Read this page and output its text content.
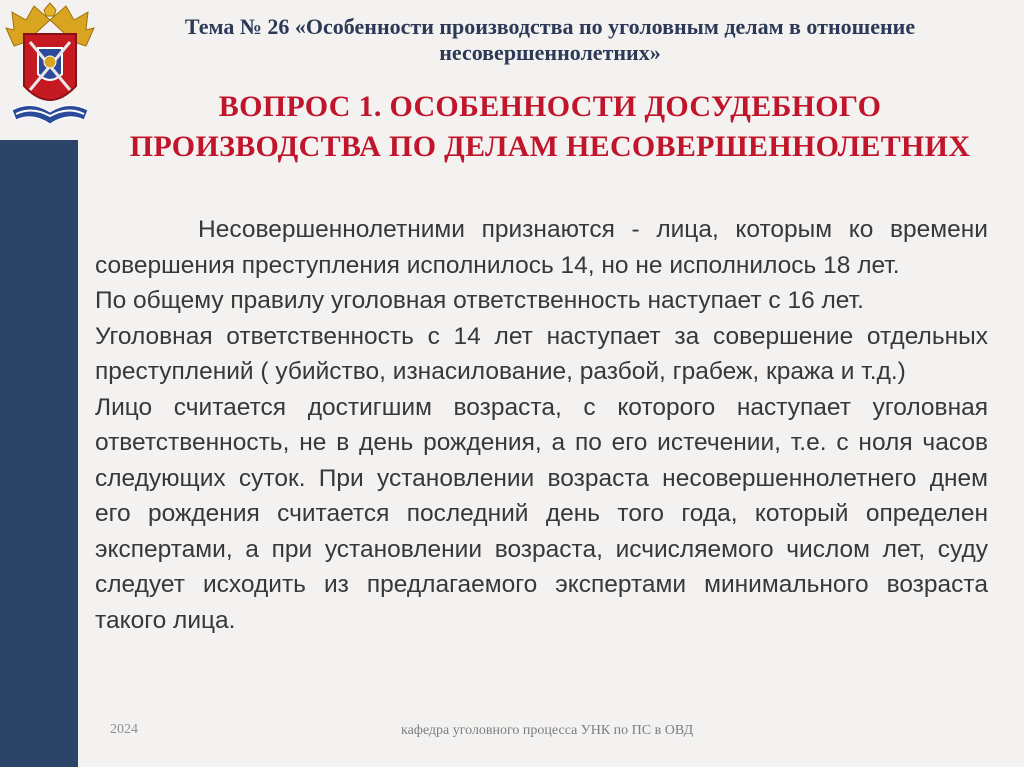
Тема № 26 «Особенности производства по уголовным делам в отношение несовершеннолетних»
ВОПРОС 1. ОСОБЕННОСТИ ДОСУДЕБНОГО ПРОИЗВОДСТВА ПО ДЕЛАМ НЕСОВЕРШЕННОЛЕТНИХ

Несовершеннолетними признаются - лица, которым ко времени совершения преступления исполнилось 14, но не исполнилось 18 лет.

По общему правилу уголовная ответственность наступает с 16 лет.

Уголовная ответственность с 14 лет наступает за совершение отдельных преступлений ( убийство, изнасилование, разбой, грабеж, кража и т.д.)

Лицо считается достигшим возраста, с которого наступает уголовная ответственность, не в день рождения, а по его истечении, т.е. с ноля часов следующих суток. При установлении возраста несовершеннолетнего днем его рождения считается последний день того года, который определен экспертами, а при установлении возраста, исчисляемого числом лет, суду следует исходить из предлагаемого экспертами минимального возраста такого лица.

2024	кафедра уголовного процесса УНК по ПС в ОВД
